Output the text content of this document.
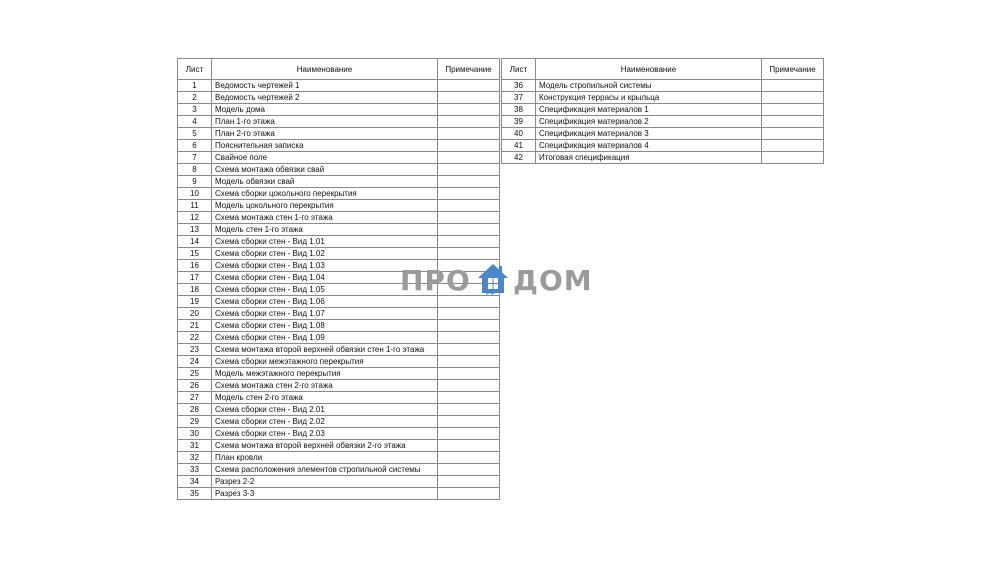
Лист	Наименование	Примечание
1	Ведомость чертежей 1	
2	Ведомость чертежей 2	
3	Модель дома	
4	План 1-го этажа	
5	План 2-го этажа	
6	Пояснительная записка	
7	Свайное поле	
8	Схема монтажа обвязки свай	
9	Модель обвязки свай	
10	Схема сборки цокольного перекрытия	
11	Модель цокольного перекрытия	
12	Схема монтажа стен 1-го этажа	
13	Модель стен 1-го этажа	
14	Схема сборки стен - Вид 1.01	
15	Схема сборки стен - Вид 1.02	
16	Схема сборки стен - Вид 1.03	
17	Схема сборки стен - Вид 1.04	
18	Схема сборки стен - Вид 1.05	
19	Схема сборки стен - Вид 1.06	
20	Схема сборки стен - Вид 1.07	
21	Схема сборки стен - Вид 1.08	
22	Схема сборки стен - Вид 1.09	
23	Схема монтажа второй верхней обвязки стен 1-го этажа	
24	Схема сборки межэтажного перекрытия	
25	Модель межэтажного перекрытия	
26	Схема монтажа стен 2-го этажа	
27	Модель стен 2-го этажа	
28	Схема сборки стен - Вид 2.01	
29	Схема сборки стен - Вид 2.02	
30	Схема сборки стен - Вид 2.03	
31	Схема монтажа второй верхней обвязки 2-го этажа	
32	План кровли	
33	Схема расположения элементов стропильной системы	
34	Разрез 2-2	
35	Разрез 3-3	
Лист	Наименование	Примечание
36	Модель стропильной системы	
37	Конструкция террасы и крыльца	
38	Спецификация материалов 1	
39	Спецификация материалов 2	
40	Спецификация материалов 3	
41	Спецификация материалов 4	
42	Итоговая спецификация	
ПРО	РФ ДОМ
